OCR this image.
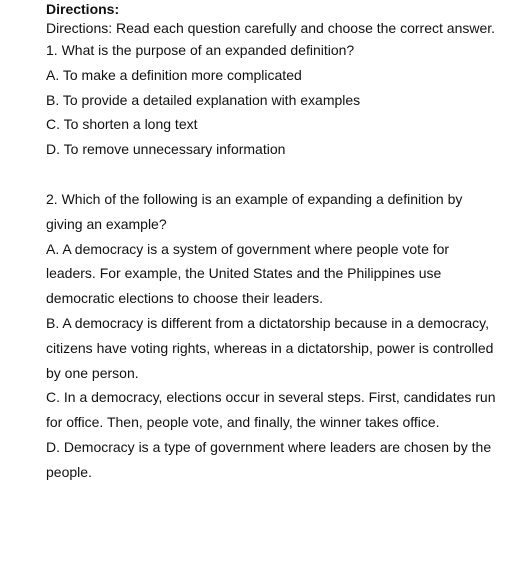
Directions:
Directions: Read each question carefully and choose the correct answer.
1. What is the purpose of an expanded definition?
A. To make a definition more complicated
B. To provide a detailed explanation with examples
C. To shorten a long text
D. To remove unnecessary information
2. Which of the following is an example of expanding a definition by
giving an example?
A. A democracy is a system of government where people vote for
leaders. For example, the United States and the Philippines use
democratic elections to choose their leaders.
B. A democracy is different from a dictatorship because in a democracy,
citizens have voting rights, whereas in a dictatorship, power is controlled
by one person.
C. In a democracy, elections occur in several steps. First, candidates run
for office. Then, people vote, and finally, the winner takes office.
D. Democracy is a type of government where leaders are chosen by the
people.
